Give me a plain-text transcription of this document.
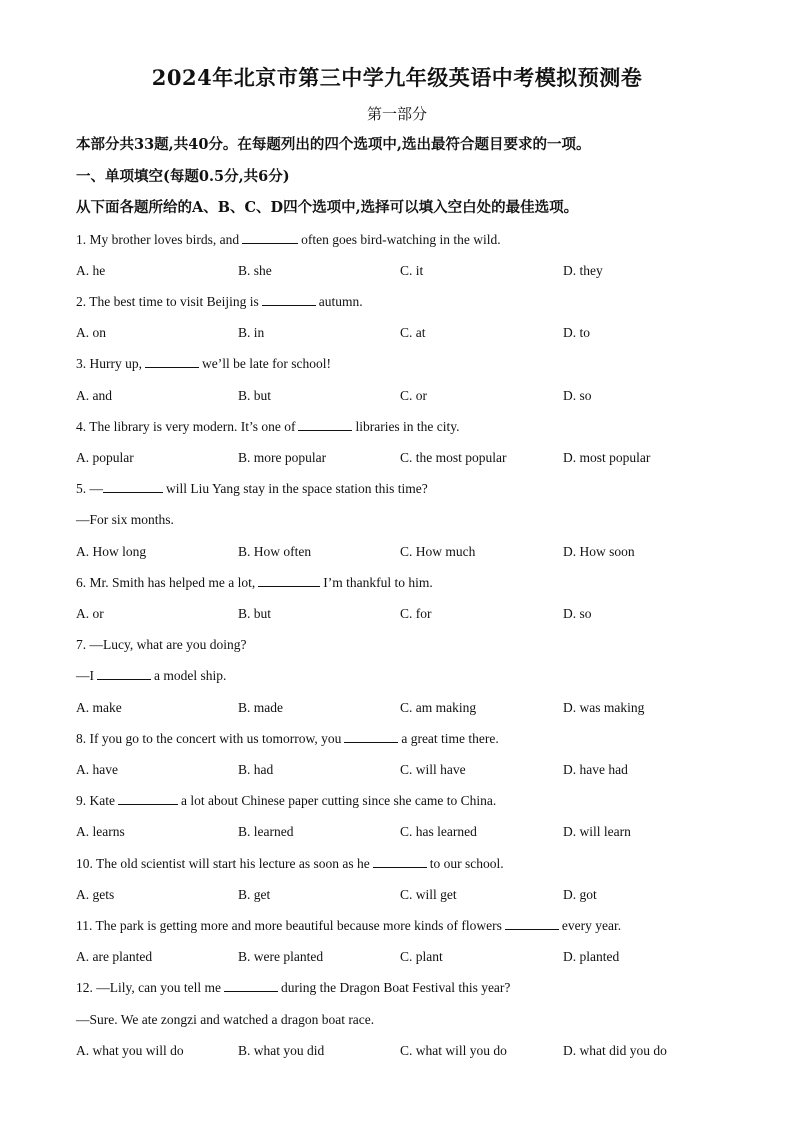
2024年北京市第三中学九年级英语中考模拟预测卷
第一部分
本部分共33题,共40分。在每题列出的四个选项中,选出最符合题目要求的一项。
一、单项填空(每题0.5分,共6分)
从下面各题所给的A、B、C、D四个选项中,选择可以填入空白处的最佳选项。
1. My brother loves birds, and	often goes bird-watching in the wild.
A. he	B. she	C. it	D. they
2. The best time to visit Beijing is	autumn.
A. on	B. in	C. at	D. to
3. Hurry up,	we’ll be late for school!
A. and	B. but	C. or	D. so
4. The library is very modern. It’s one of	libraries in the city.
A. popular	B. more popular	C. the most popular	D. most popular
5. —	will Liu Yang stay in the space station this time?
—For six months.
A. How long	B. How often	C. How much	D. How soon
6. Mr. Smith has helped me a lot,	I’m thankful to him.
A. or	B. but	C. for	D. so
7. —Lucy, what are you doing?
—I	a model ship.
A. make	B. made	C. am making	D. was making
8. If you go to the concert with us tomorrow, you	a great time there.
A. have	B. had	C. will have	D. have had
9. Kate	a lot about Chinese paper cutting since she came to China.
A. learns	B. learned	C. has learned	D. will learn
10. The old scientist will start his lecture as soon as he	to our school.
A. gets	B. get	C. will get	D. got
11. The park is getting more and more beautiful because more kinds of flowers	every year.
A. are planted	B. were planted	C. plant	D. planted
12. —Lily, can you tell me	during the Dragon Boat Festival this year?
—Sure. We ate zongzi and watched a dragon boat race.
A. what you will do	B. what you did	C. what will you do	D. what did you do
